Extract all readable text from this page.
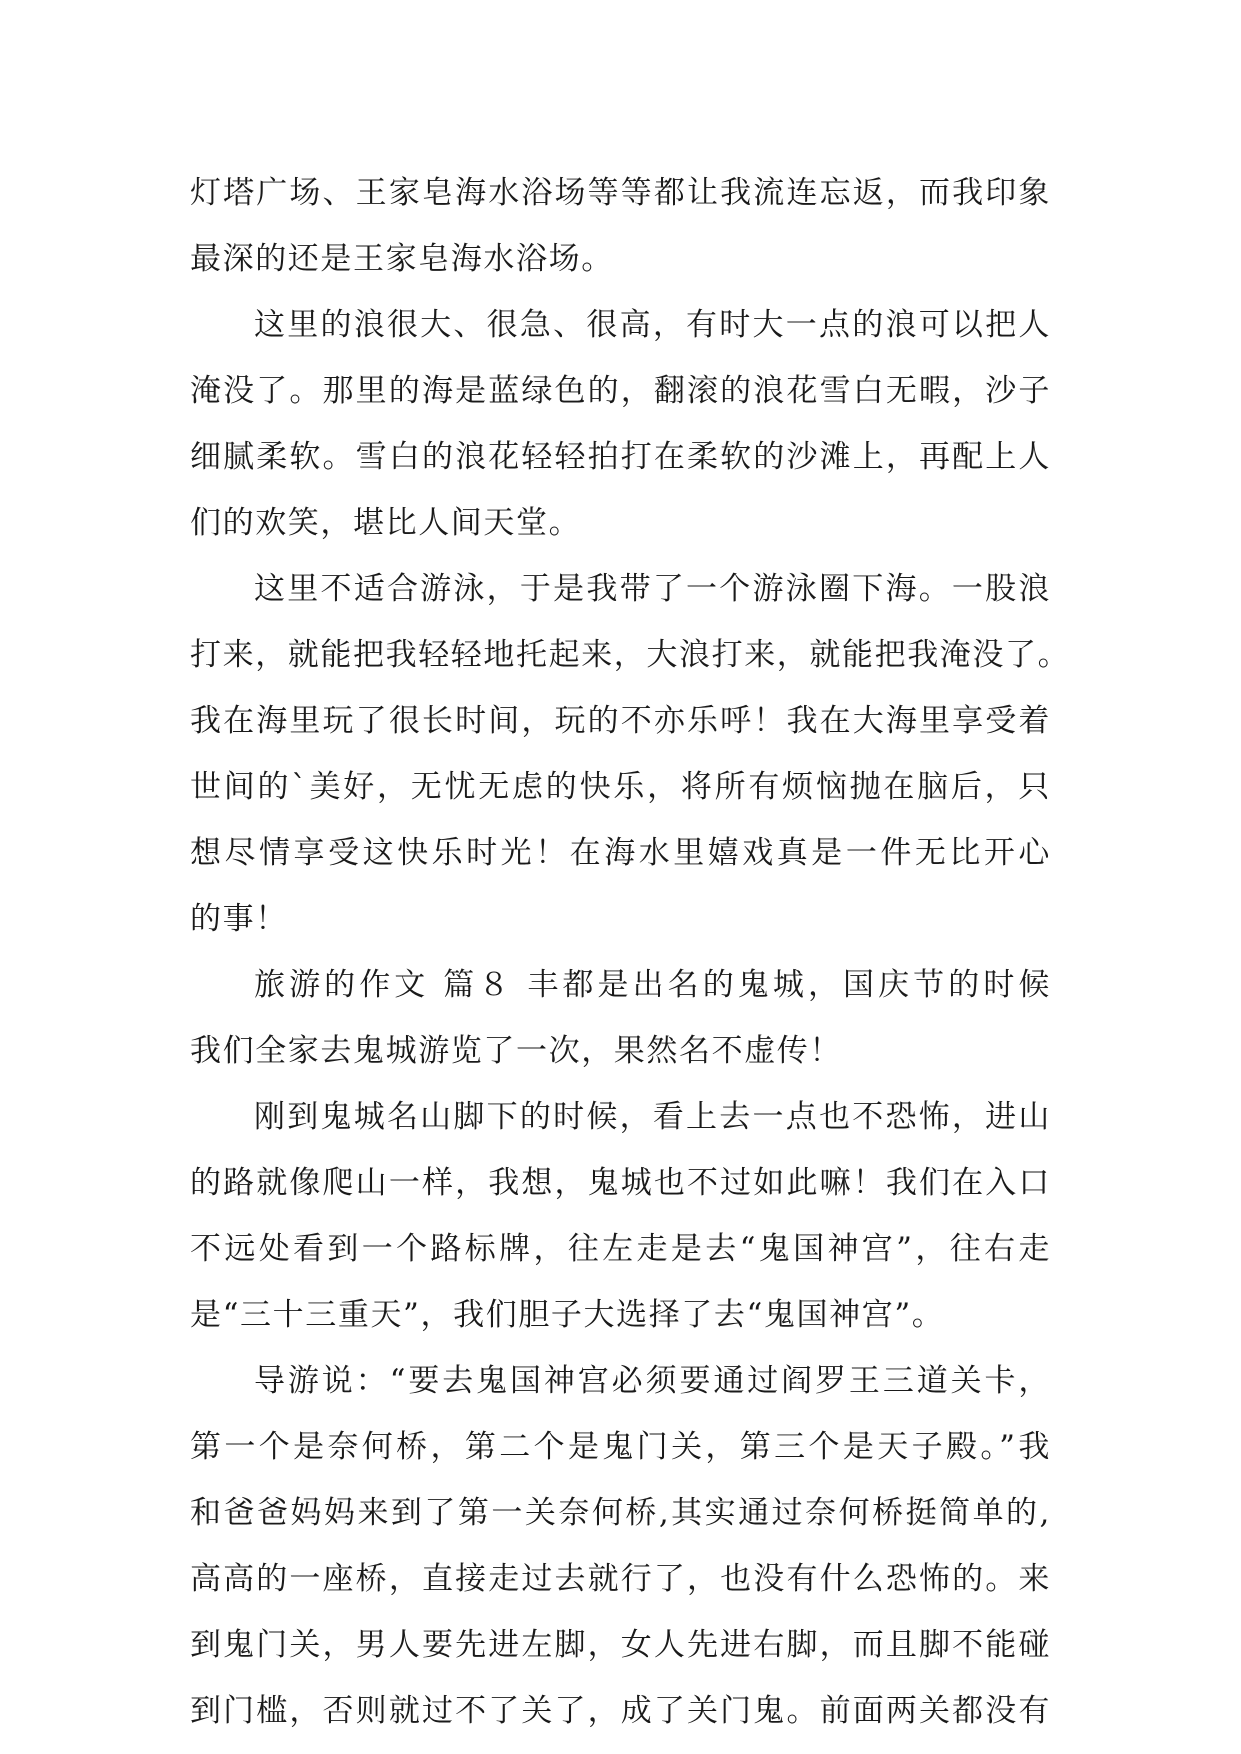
灯塔广场、王家皂海水浴场等等都让我流连忘返，而我印象
最深的还是王家皂海水浴场。
这里的浪很大、很急、很高，有时大一点的浪可以把人
淹没了。那里的海是蓝绿色的，翻滚的浪花雪白无暇，沙子
细腻柔软。雪白的浪花轻轻拍打在柔软的沙滩上，再配上人
们的欢笑，堪比人间天堂。
这里不适合游泳，于是我带了一个游泳圈下海。一股浪
打来，就能把我轻轻地托起来，大浪打来，就能把我淹没了。
我在海里玩了很长时间，玩的不亦乐呼！我在大海里享受着
世间的`美好，无忧无虑的快乐，将所有烦恼抛在脑后，只
想尽情享受这快乐时光！在海水里嬉戏真是一件无比开心
的事！
旅游的作文 篇８ 丰都是出名的鬼城，国庆节的时候
我们全家去鬼城游览了一次，果然名不虚传！
刚到鬼城名山脚下的时候，看上去一点也不恐怖，进山
的路就像爬山一样，我想，鬼城也不过如此嘛！我们在入口
不远处看到一个路标牌，往左走是去“鬼国神宫”，往右走
是“三十三重天”，我们胆子大选择了去“鬼国神宫”。
导游说：“要去鬼国神宫必须要通过阎罗王三道关卡，
第一个是奈何桥，第二个是鬼门关，第三个是天子殿。”我
和爸爸妈妈来到了第一关奈何桥,其实通过奈何桥挺简单的,
高高的一座桥，直接走过去就行了，也没有什么恐怖的。来
到鬼门关，男人要先进左脚，女人先进右脚，而且脚不能碰
到门槛，否则就过不了关了，成了关门鬼。前面两关都没有
